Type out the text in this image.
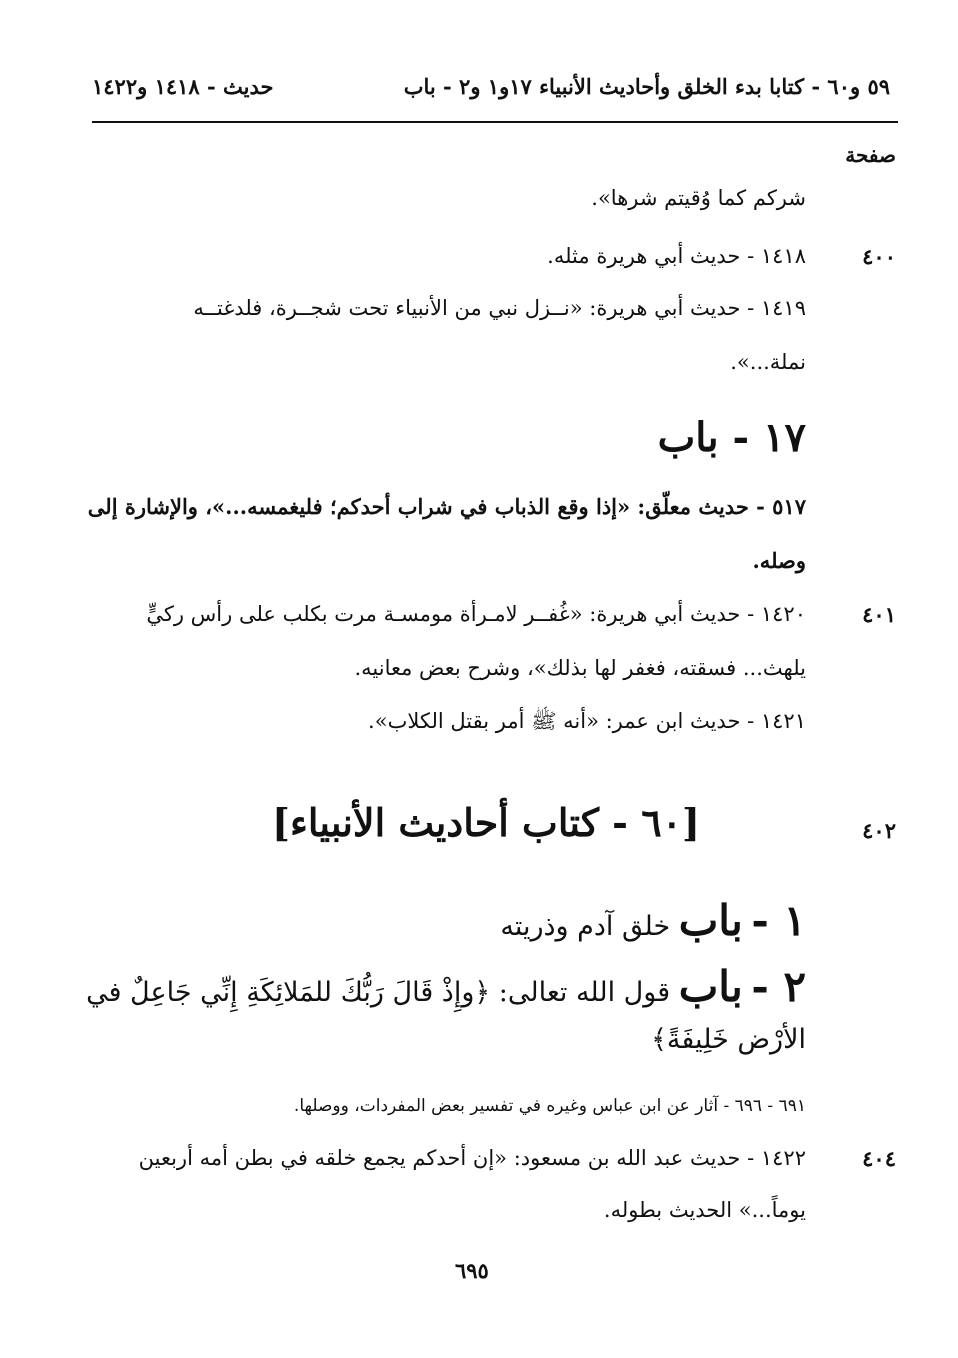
حديث - ١٤١٨ و١٤٢٢	٥٩ و٦٠ - كتابا بدء الخلق وأحاديث الأنبياء ١٧و١ و٢ - باب
صفحة
شركم كما وُقيتم شرها».
٤٠٠
١٤١٨ - حديث أبي هريرة مثله.
١٤١٩ - حديث أبي هريرة: «نــزل نبي من الأنبياء تحت شجــرة، فلدغتــه
نملة...».
١٧ - باب
٥١٧ - حديث معلّق: «إذا وقع الذباب في شراب أحدكم؛ فليغمسه...»، والإشارة إلى
وصله.
٤٠١
١٤٢٠ - حديث أبي هريرة: «غُفــر لامـرأة مومسـة مرت بكلب على رأس ركيٍّ
يلهث... فسقته، فغفر لها بذلك»، وشرح بعض معانيه.
١٤٢١ - حديث ابن عمر: «أنه ﷺ أمر بقتل الكلاب».
٤٠٢
[٦٠ - كتاب أحاديث الأنبياء]
١ - باب خلق آدم وذريته
٢ - باب قول الله تعالى: ﴿وإِذْ قَالَ رَبُّكَ للمَلائِكَةِ إِنِّي جَاعِلٌ في
الأرْض خَلِيفَةً﴾
٦٩١ - ٦٩٦ - آثار عن ابن عباس وغيره في تفسير بعض المفردات، ووصلها.
٤٠٤
١٤٢٢ - حديث عبد الله بن مسعود: «إن أحدكم يجمع خلقه في بطن أمه أربعين
يوماً...» الحديث بطوله.
٦٩٥
